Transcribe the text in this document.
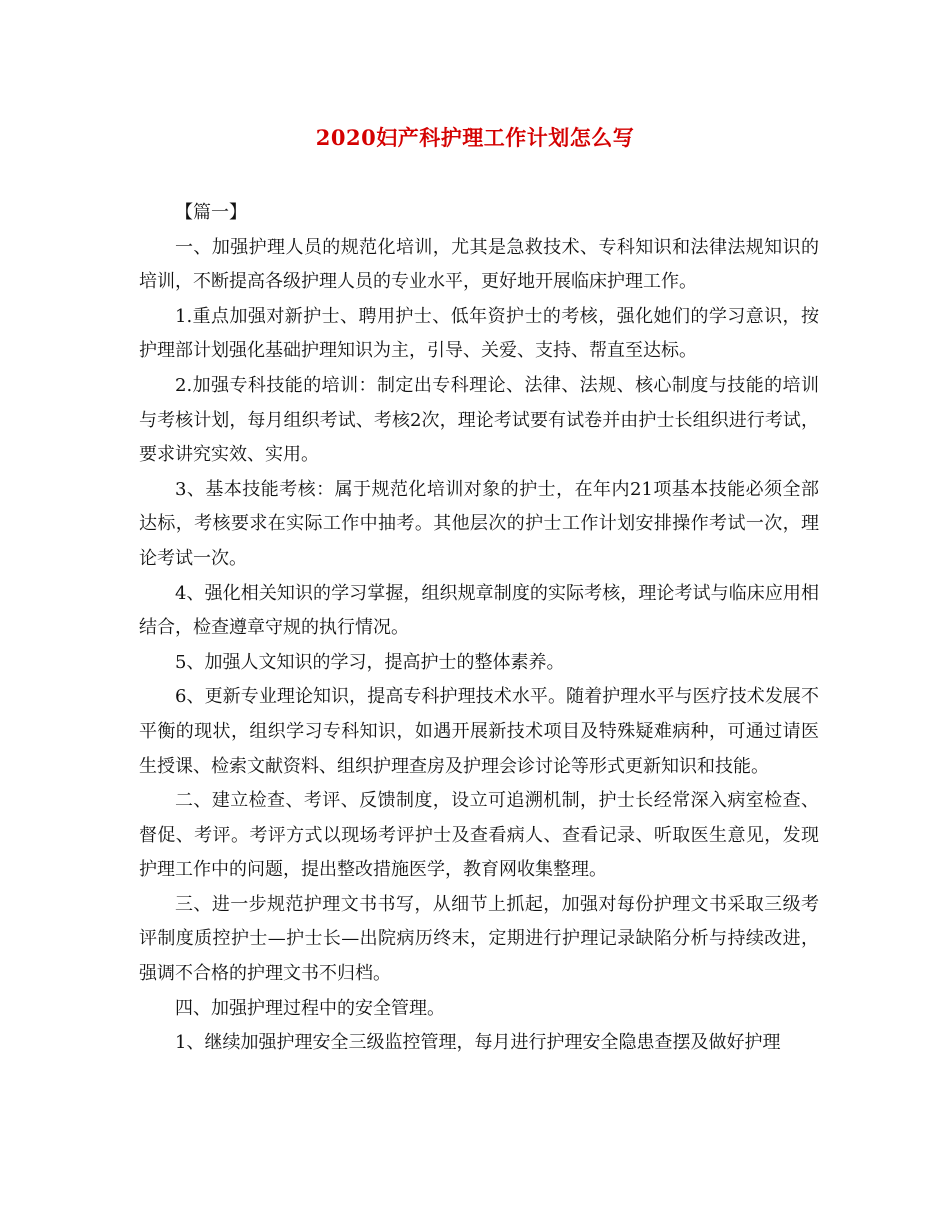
2020妇产科护理工作计划怎么写

【篇一】

一、加强护理人员的规范化培训，尤其是急救技术、专科知识和法律法规知识的培训，不断提高各级护理人员的专业水平，更好地开展临床护理工作。

1.重点加强对新护士、聘用护士、低年资护士的考核，强化她们的学习意识，按护理部计划强化基础护理知识为主，引导、关爱、支持、帮直至达标。

2.加强专科技能的培训：制定出专科理论、法律、法规、核心制度与技能的培训与考核计划，每月组织考试、考核2次，理论考试要有试卷并由护士长组织进行考试，要求讲究实效、实用。

3、基本技能考核：属于规范化培训对象的护士，在年内21项基本技能必须全部达标，考核要求在实际工作中抽考。其他层次的护士工作计划安排操作考试一次，理论考试一次。

4、强化相关知识的学习掌握，组织规章制度的实际考核，理论考试与临床应用相结合，检查遵章守规的执行情况。

5、加强人文知识的学习，提高护士的整体素养。

6、更新专业理论知识，提高专科护理技术水平。随着护理水平与医疗技术发展不平衡的现状，组织学习专科知识，如遇开展新技术项目及特殊疑难病种，可通过请医生授课、检索文献资料、组织护理查房及护理会诊讨论等形式更新知识和技能。

二、建立检查、考评、反馈制度，设立可追溯机制，护士长经常深入病室检查、督促、考评。考评方式以现场考评护士及查看病人、查看记录、听取医生意见，发现护理工作中的问题，提出整改措施医学，教育网收集整理。

三、进一步规范护理文书书写，从细节上抓起，加强对每份护理文书采取三级考评制度质控护士—护士长—出院病历终末，定期进行护理记录缺陷分析与持续改进，强调不合格的护理文书不归档。

四、加强护理过程中的安全管理。

1、继续加强护理安全三级监控管理，每月进行护理安全隐患查摆及做好护理
